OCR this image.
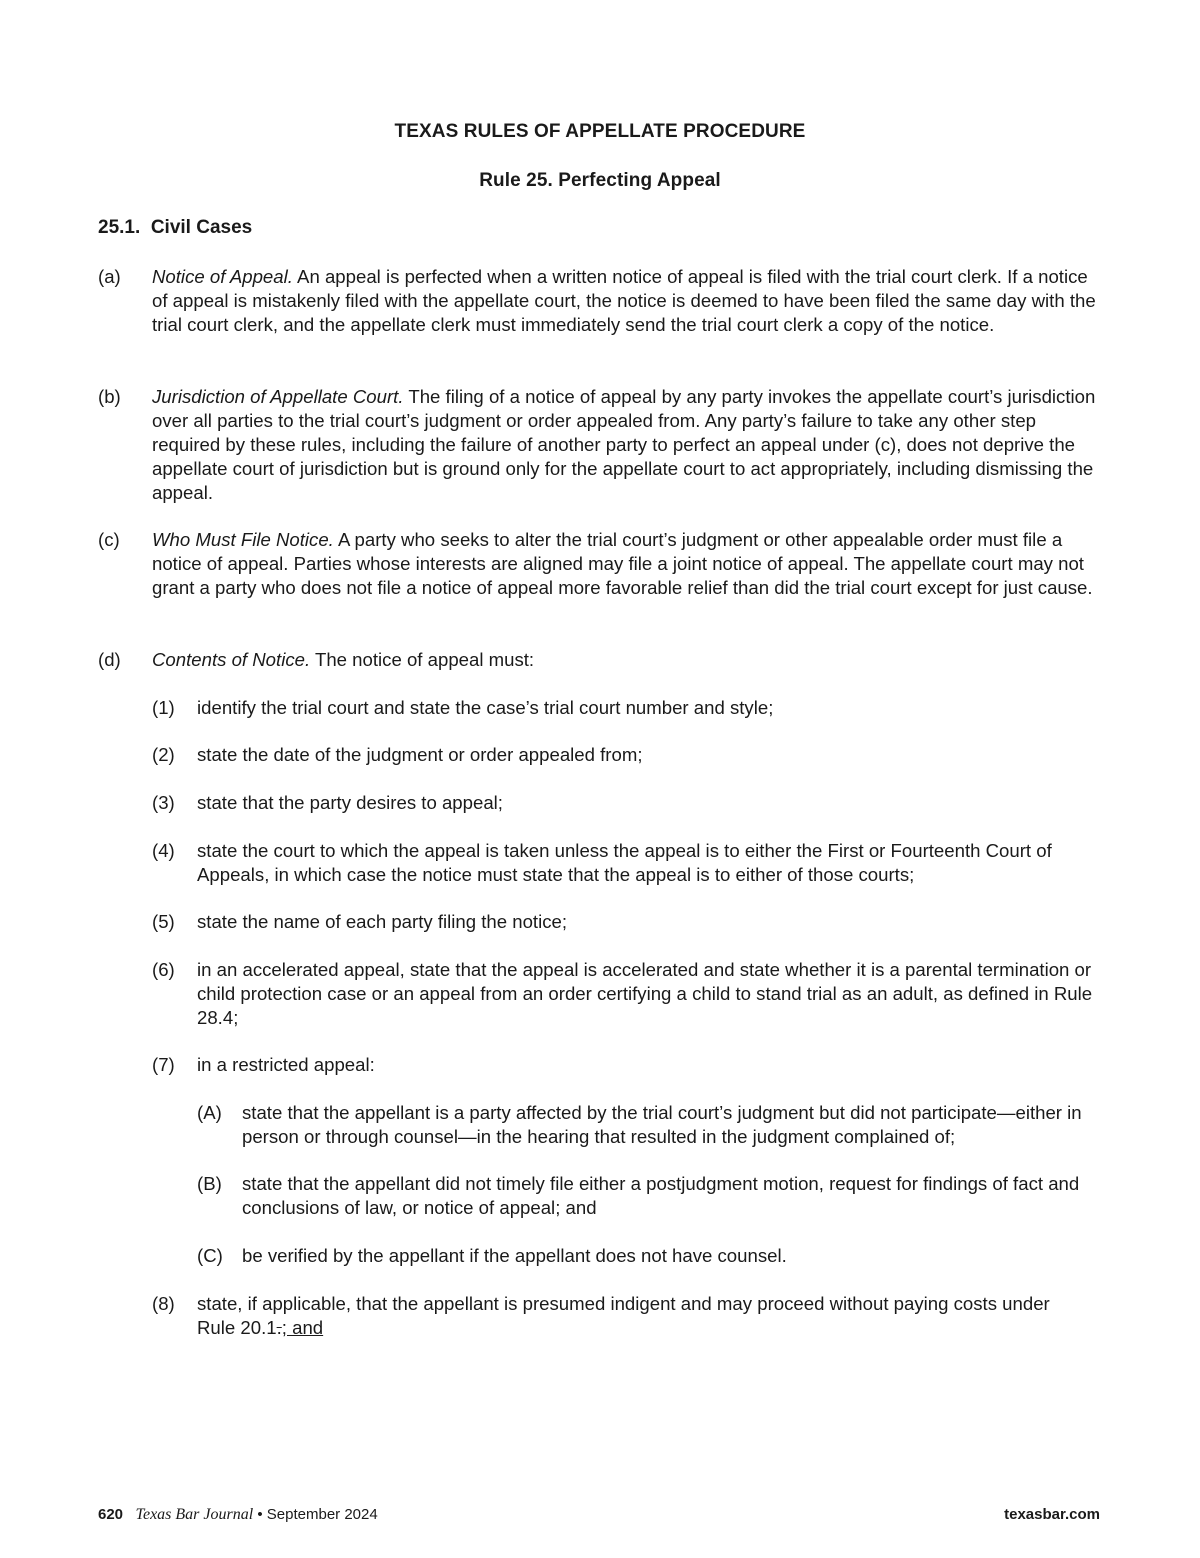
TEXAS RULES OF APPELLATE PROCEDURE
Rule 25. Perfecting Appeal
25.1. Civil Cases
(a) Notice of Appeal. An appeal is perfected when a written notice of appeal is filed with the trial court clerk. If a notice of appeal is mistakenly filed with the appellate court, the notice is deemed to have been filed the same day with the trial court clerk, and the appellate clerk must immediately send the trial court clerk a copy of the notice.
(b) Jurisdiction of Appellate Court. The filing of a notice of appeal by any party invokes the appellate court’s jurisdiction over all parties to the trial court’s judgment or order appealed from. Any party’s failure to take any other step required by these rules, including the failure of another party to perfect an appeal under (c), does not deprive the appellate court of jurisdiction but is ground only for the appellate court to act appropriately, including dismissing the appeal.
(c) Who Must File Notice. A party who seeks to alter the trial court’s judgment or other appealable order must file a notice of appeal. Parties whose interests are aligned may file a joint notice of appeal. The appellate court may not grant a party who does not file a notice of appeal more favorable relief than did the trial court except for just cause.
(d) Contents of Notice. The notice of appeal must:
(1) identify the trial court and state the case’s trial court number and style;
(2) state the date of the judgment or order appealed from;
(3) state that the party desires to appeal;
(4) state the court to which the appeal is taken unless the appeal is to either the First or Fourteenth Court of Appeals, in which case the notice must state that the appeal is to either of those courts;
(5) state the name of each party filing the notice;
(6) in an accelerated appeal, state that the appeal is accelerated and state whether it is a parental termination or child protection case or an appeal from an order certifying a child to stand trial as an adult, as defined in Rule 28.4;
(7) in a restricted appeal:
(A) state that the appellant is a party affected by the trial court’s judgment but did not participate—either in person or through counsel—in the hearing that resulted in the judgment complained of;
(B) state that the appellant did not timely file either a postjudgment motion, request for findings of fact and conclusions of law, or notice of appeal; and
(C) be verified by the appellant if the appellant does not have counsel.
(8) state, if applicable, that the appellant is presumed indigent and may proceed without paying costs under Rule 20.1.; and
620 Texas Bar Journal • September 2024	texasbar.com
